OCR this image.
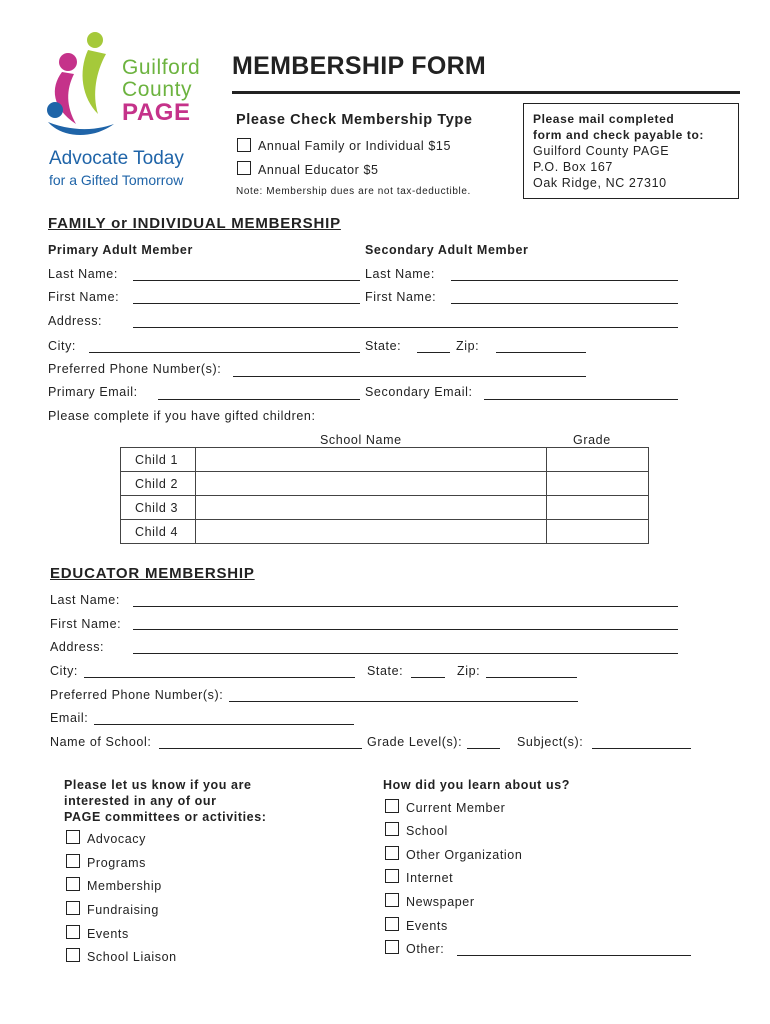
Guilford
County
PAGE
Advocate Today
for a Gifted Tomorrow
MEMBERSHIP FORM
Please Check Membership Type
Annual Family or Individual $15
Annual Educator $5
Note: Membership dues are not tax-deductible.
Please mail completed
form and check payable to:
Guilford County PAGE
P.O. Box 167
Oak Ridge, NC 27310
FAMILY or INDIVIDUAL MEMBERSHIP
Primary Adult Member	Secondary Adult Member
Last Name:	Last Name:
First Name:	First Name:
Address:
City:	State:	Zip:
Preferred Phone Number(s):
Primary Email:	Secondary Email:
Please complete if you have gifted children:
School Name	Grade
Child 1		
Child 2		
Child 3		
Child 4		
EDUCATOR MEMBERSHIP
Last Name:
First Name:
Address:
City:	State:	Zip:
Preferred Phone Number(s):
Email:
Name of School:	Grade Level(s):	Subject(s):
Please let us know if you are
interested in any of our
PAGE committees or activities:
Advocacy
Programs
Membership
Fundraising
Events
School Liaison
How did you learn about us?
Current Member
School
Other Organization
Internet
Newspaper
Events
Other:
